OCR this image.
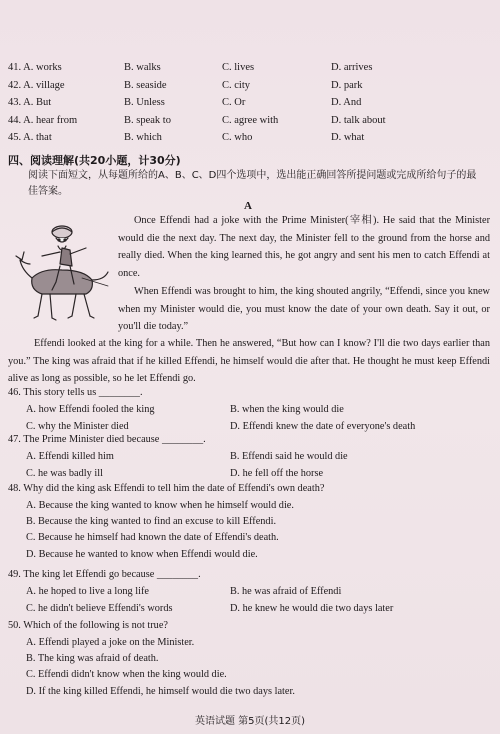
41. A. works	B. walks	C. lives	D. arrives
42. A. village	B. seaside	C. city	D. park
43. A. But	B. Unless	C. Or	D. And
44. A. hear from	B. speak to	C. agree with	D. talk about
45. A. that	B. which	C. who	D. what
四、阅读理解(共20小题，计30分)
阅读下面短文，从每题所给的A、B、C、D四个选项中，选出能正确回答所提问题或完成所给句子的最佳答案。
A
Once Effendi had a joke with the Prime Minister(宰相). He said that the Minister would die the next day. The next day, the Minister fell to the ground from the horse and really died. When the king learned this, he got angry and sent his men to catch Effendi at once.
When Effendi was brought to him, the king shouted angrily, “Effendi, since you knew when my Minister would die, you must know the date of your own death. Say it out, or you'll die today.”
Effendi looked at the king for a while. Then he answered, “But how can I know? I'll die two days earlier than you.” The king was afraid that if he killed Effendi, he himself would die after that. He thought he must keep Effendi alive as long as possible, so he let Effendi go.
46. This story tells us ________.
A. how Effendi fooled the king	B. when the king would die
C. why the Minister died	D. Effendi knew the date of everyone's death
47. The Prime Minister died because ________.
A. Effendi killed him	B. Effendi said he would die
C. he was badly ill	D. he fell off the horse
48. Why did the king ask Effendi to tell him the date of Effendi's own death?
A. Because the king wanted to know when he himself would die.
B. Because the king wanted to find an excuse to kill Effendi.
C. Because he himself had known the date of Effendi's death.
D. Because he wanted to know when Effendi would die.
49. The king let Effendi go because ________.
A. he hoped to live a long life	B. he was afraid of Effendi
C. he didn't believe Effendi's words	D. he knew he would die two days later
50. Which of the following is not true?
A. Effendi played a joke on the Minister.
B. The king was afraid of death.
C. Effendi didn't know when the king would die.
D. If the king killed Effendi, he himself would die two days later.
英语试题 第5页(共12页)
